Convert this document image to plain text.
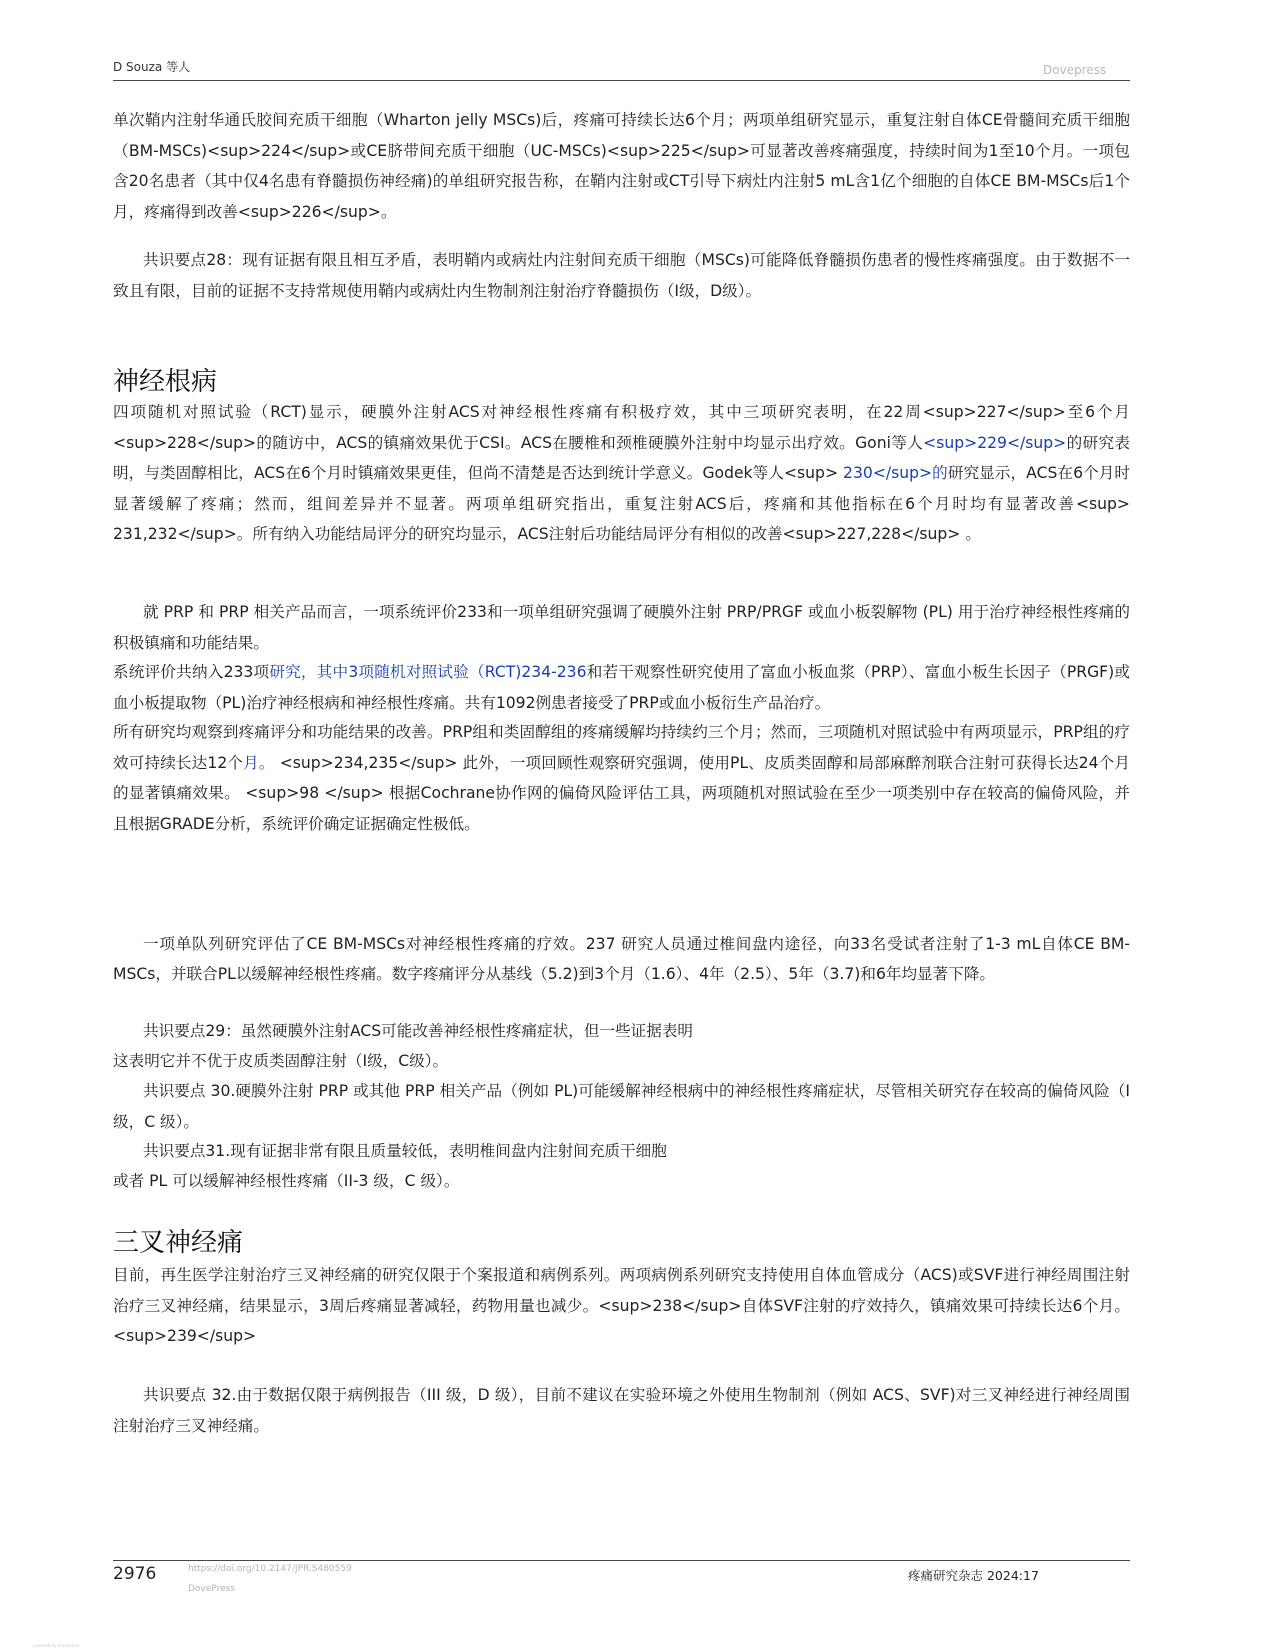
D Souza 等人	Dovepress

单次鞘内注射华通氏胶间充质干细胞（Wharton jelly MSCs)后，疼痛可持续长达6个月；两项单组研究显示，重复注射自体CE骨髓间充质干细胞（BM-MSCs)<sup>224</sup>或CE脐带间充质干细胞（UC-MSCs)<sup>225</sup>可显著改善疼痛强度，持续时间为1至10个月。一项包含20名患者（其中仅4名患有脊髓损伤神经痛)的单组研究报告称，在鞘内注射或CT引导下病灶内注射5 mL含1亿个细胞的自体CE BM-MSCs后1个月，疼痛得到改善<sup>226</sup>。

共识要点28：现有证据有限且相互矛盾，表明鞘内或病灶内注射间充质干细胞（MSCs)可能降低脊髓损伤患者的慢性疼痛强度。由于数据不一致且有限，目前的证据不支持常规使用鞘内或病灶内生物制剂注射治疗脊髓损伤（I级，D级）。

神经根病

四项随机对照试验（RCT)显示，硬膜外注射ACS对神经根性疼痛有积极疗效，其中三项研究表明，在22周<sup>227</sup>至6个月<sup>228</sup>的随访中，ACS的镇痛效果优于CSI。ACS在腰椎和颈椎硬膜外注射中均显示出疗效。Goni等人<sup>229</sup>的研究表明，与类固醇相比，ACS在6个月时镇痛效果更佳，但尚不清楚是否达到统计学意义。Godek等人<sup> 230</sup>的研究显示，ACS在6个月时显著缓解了疼痛；然而，组间差异并不显著。两项单组研究指出，重复注射ACS后，疼痛和其他指标在6个月时均有显著改善<sup> 231,232</sup>。所有纳入功能结局评分的研究均显示，ACS注射后功能结局评分有相似的改善<sup>227,228</sup> 。

就 PRP 和 PRP 相关产品而言，一项系统评价233和一项单组研究强调了硬膜外注射 PRP/PRGF 或血小板裂解物 (PL) 用于治疗神经根性疼痛的积极镇痛和功能结果。

系统评价共纳入233项研究，其中3项随机对照试验（RCT)234-236和若干观察性研究使用了富血小板血浆（PRP）、富血小板生长因子（PRGF)或血小板提取物（PL)治疗神经根病和神经根性疼痛。共有1092例患者接受了PRP或血小板衍生产品治疗。

所有研究均观察到疼痛评分和功能结果的改善。PRP组和类固醇组的疼痛缓解均持续约三个月；然而，三项随机对照试验中有两项显示，PRP组的疗效可持续长达12个月。 <sup>234,235</sup> 此外，一项回顾性观察研究强调，使用PL、皮质类固醇和局部麻醉剂联合注射可获得长达24个月的显著镇痛效果。 <sup>98 </sup> 根据Cochrane协作网的偏倚风险评估工具，两项随机对照试验在至少一项类别中存在较高的偏倚风险，并且根据GRADE分析，系统评价确定证据确定性极低。

一项单队列研究评估了CE BM-MSCs对神经根性疼痛的疗效。237 研究人员通过椎间盘内途径，向33名受试者注射了1-3 mL自体CE BM-MSCs，并联合PL以缓解神经根性疼痛。数字疼痛评分从基线（5.2)到3个月（1.6）、4年（2.5）、5年（3.7)和6年均显著下降。

共识要点29：虽然硬膜外注射ACS可能改善神经根性疼痛症状，但一些证据表明

这表明它并不优于皮质类固醇注射（I级，C级）。

共识要点 30.硬膜外注射 PRP 或其他 PRP 相关产品（例如 PL)可能缓解神经根病中的神经根性疼痛症状，尽管相关研究存在较高的偏倚风险（I 级，C 级）。

共识要点31.现有证据非常有限且质量较低，表明椎间盘内注射间充质干细胞

或者 PL 可以缓解神经根性疼痛（II-3 级，C 级）。

三叉神经痛

目前，再生医学注射治疗三叉神经痛的研究仅限于个案报道和病例系列。两项病例系列研究支持使用自体血管成分（ACS)或SVF进行神经周围注射治疗三叉神经痛，结果显示，3周后疼痛显著减轻，药物用量也减少。<sup>238</sup>自体SVF注射的疗效持久，镇痛效果可持续长达6个月。<sup>239</sup>

共识要点 32.由于数据仅限于病例报告（III 级，D 级），目前不建议在实验环境之外使用生物制剂（例如 ACS、SVF)对三叉神经进行神经周围注射治疗三叉神经痛。

2976	https://doi.org/10.2147/JPR.S480559
DovePress
疼痛研究杂志 2024:17
powered by translation
